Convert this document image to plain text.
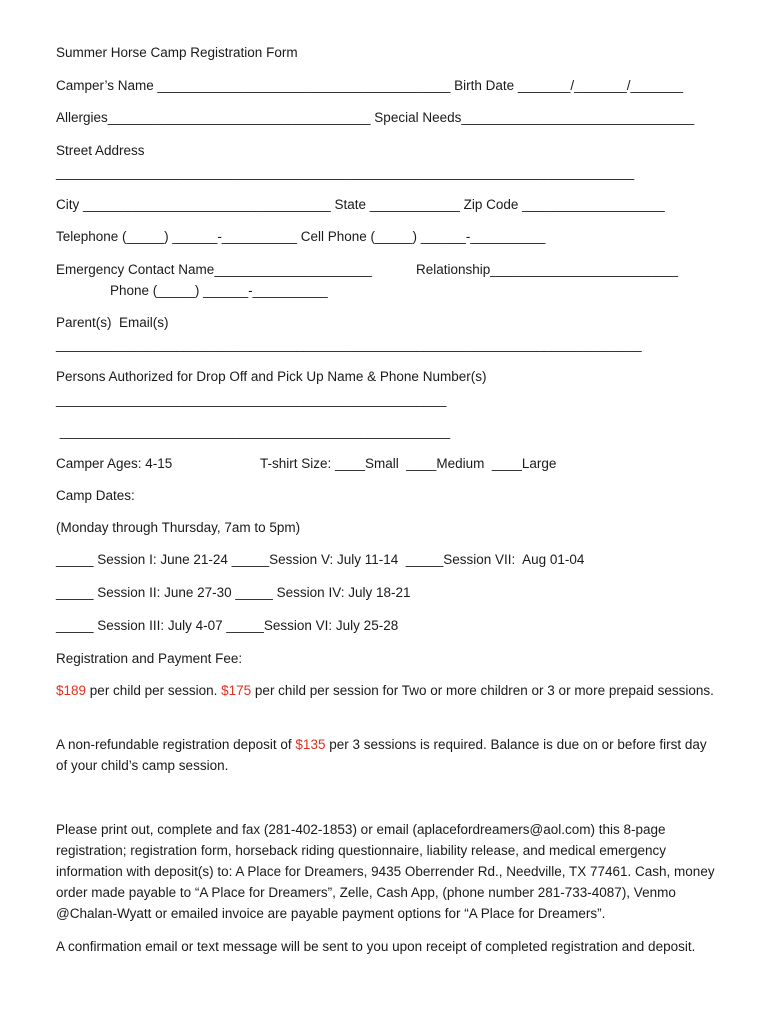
Summer Horse Camp Registration Form
Camper’s Name _______________________________________ Birth Date _______/_______/_______
Allergies___________________________________ Special Needs_______________________________
Street Address
_____________________________________________________________________________
City _________________________________ State ____________ Zip Code ___________________
Telephone (_____) ______-__________ Cell Phone (_____) ______-__________
Emergency Contact Name_____________________	Relationship_________________________
Phone (_____) ______-__________
Parent(s)  Email(s)
______________________________________________________________________________
Persons Authorized for Drop Off and Pick Up Name & Phone Number(s)
____________________________________________________
____________________________________________________
Camper Ages: 4-15	T-shirt Size: ____Small  ____Medium  ____Large
Camp Dates:
(Monday through Thursday, 7am to 5pm)
_____ Session I: June 21-24 _____Session V: July 11-14  _____Session VII:  Aug 01-04
_____ Session II: June 27-30 _____ Session IV: July 18-21
_____ Session III: July 4-07 _____Session VI: July 25-28
Registration and Payment Fee:
$189 per child per session. $175 per child per session for Two or more children or 3 or more prepaid sessions.
A non-refundable registration deposit of $135 per 3 sessions is required. Balance is due on or before first day of your child’s camp session.
Please print out, complete and fax (281-402-1853) or email (aplacefordreamers@aol.com) this 8-page registration; registration form, horseback riding questionnaire, liability release, and medical emergency information with deposit(s) to: A Place for Dreamers, 9435 Oberrender Rd., Needville, TX 77461. Cash, money order made payable to “A Place for Dreamers”, Zelle, Cash App, (phone number 281-733-4087), Venmo @Chalan-Wyatt or emailed invoice are payable payment options for “A Place for Dreamers”.
A confirmation email or text message will be sent to you upon receipt of completed registration and deposit.
